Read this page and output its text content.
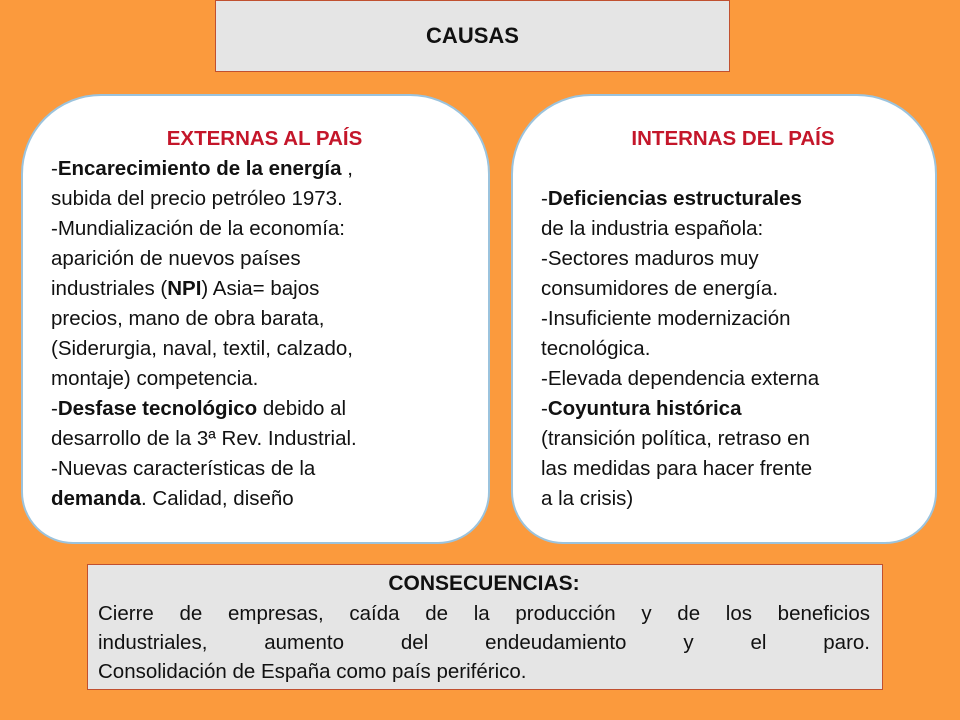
CAUSAS
EXTERNAS AL PAÍS
-Encarecimiento de la energía ,
subida del precio petróleo 1973.
-Mundialización de la economía:
aparición de nuevos países
industriales (NPI) Asia= bajos
precios, mano de obra barata,
(Siderurgia, naval, textil, calzado,
montaje) competencia.
-Desfase tecnológico debido al
desarrollo de la 3ª Rev. Industrial.
-Nuevas características de la
demanda. Calidad, diseño
INTERNAS DEL PAÍS
-Deficiencias estructurales
de la industria española:
-Sectores maduros muy
consumidores de energía.
-Insuficiente modernización
tecnológica.
-Elevada dependencia externa
-Coyuntura histórica
(transición política, retraso en
las medidas para hacer frente
a la crisis)
CONSECUENCIAS:
Cierre de empresas, caída de la producción y de los beneficios
industriales, aumento del endeudamiento y el paro.
Consolidación de España como país periférico.
